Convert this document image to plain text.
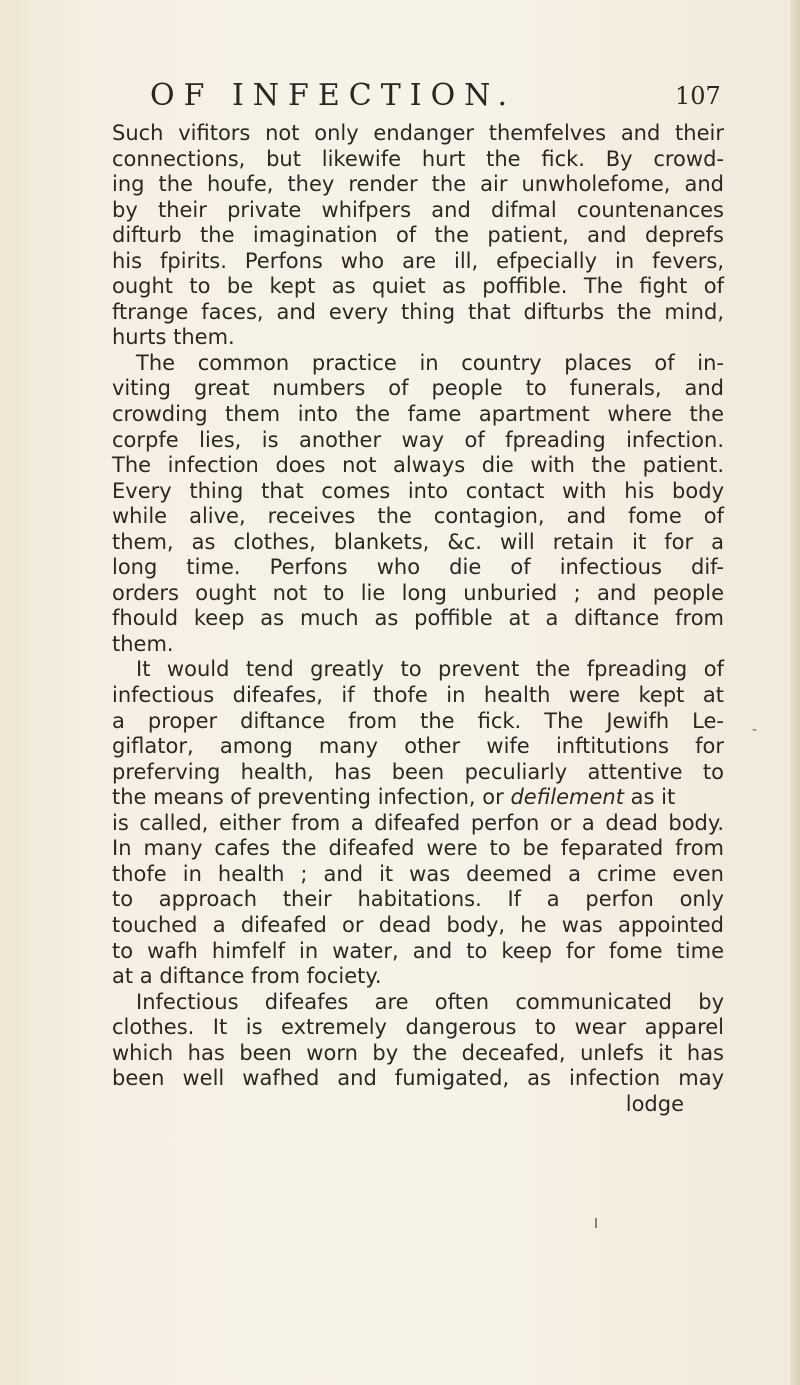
OF INFECTION.	107
Such vifitors not only endanger themfelves and their
connections, but likewife hurt the fick. By crowd-
ing the houfe, they render the air unwholefome, and
by their private whifpers and difmal countenances
difturb the imagination of the patient, and deprefs
his fpirits. Perfons who are ill, efpecially in fevers,
ought to be kept as quiet as poffible. The fight of
ftrange faces, and every thing that difturbs the mind,
hurts them.
The common practice in country places of in-
viting great numbers of people to funerals, and
crowding them into the fame apartment where the
corpfe lies, is another way of fpreading infection.
The infection does not always die with the patient.
Every thing that comes into contact with his body
while alive, receives the contagion, and fome of
them, as clothes, blankets, &c. will retain it for a
long time. Perfons who die of infectious dif-
orders ought not to lie long unburied ; and people
fhould keep as much as poffible at a diftance from
them.
It would tend greatly to prevent the fpreading of
infectious difeafes, if thofe in health were kept at
a proper diftance from the fick. The Jewifh Le-
giflator, among many other wife inftitutions for
preferving health, has been peculiarly attentive to
the means of preventing infection, or defilement as it
is called, either from a difeafed perfon or a dead body.
In many cafes the difeafed were to be feparated from
thofe in health ; and it was deemed a crime even
to approach their habitations. If a perfon only
touched a difeafed or dead body, he was appointed
to wafh himfelf in water, and to keep for fome time
at a diftance from fociety.
Infectious difeafes are often communicated by
clothes. It is extremely dangerous to wear apparel
which has been worn by the deceafed, unlefs it has
been well wafhed and fumigated, as infection may
lodge
-
